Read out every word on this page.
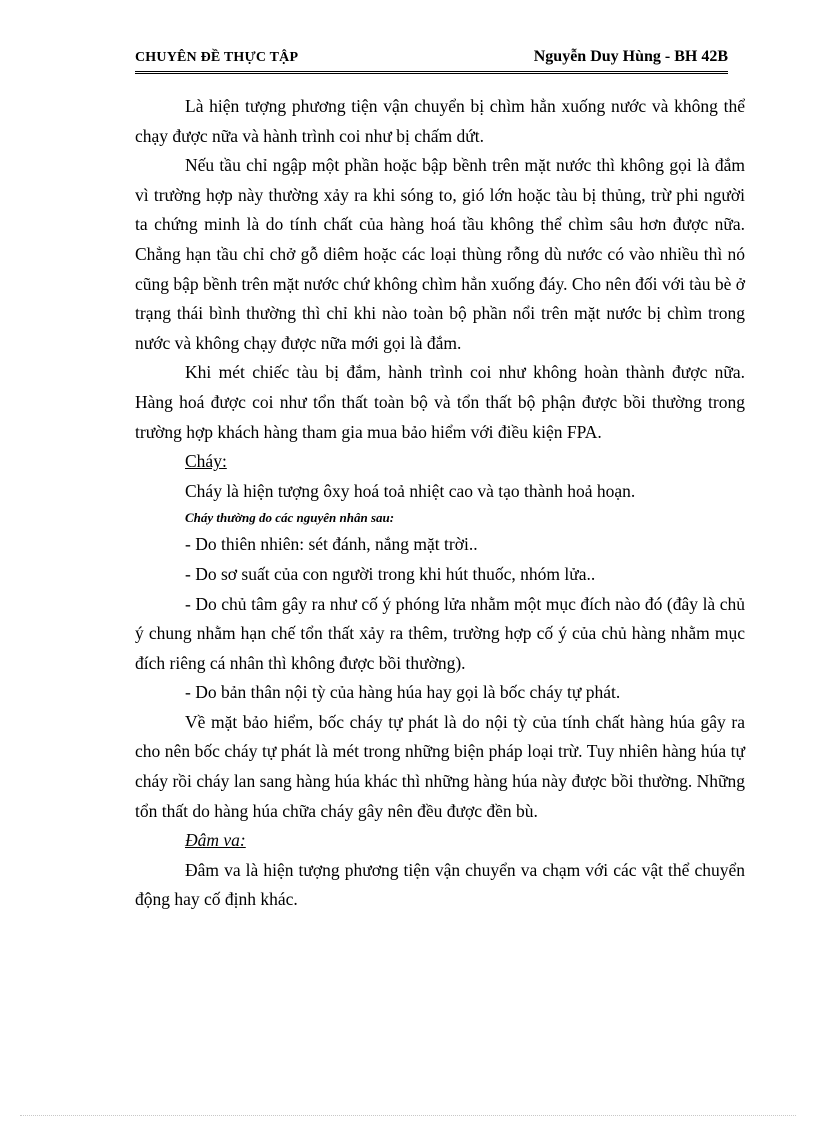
CHUYÊN ĐỀ THỰC TẬP	Nguyễn Duy Hùng - BH 42B

Là hiện tượng phương tiện vận chuyển bị chìm hẳn xuống nước và không thể chạy được nữa và hành trình coi như bị chấm dứt.

Nếu tầu chỉ ngập một phần hoặc bập bềnh trên mặt nước thì không gọi là đắm vì trường hợp này thường xảy ra khi sóng to, gió lớn hoặc tàu bị thủng, trừ phi người ta chứng minh là do tính chất của hàng hoá tầu không thể chìm sâu hơn được nữa. Chẳng hạn tầu chỉ chở gỗ diêm hoặc các loại thùng rỗng dù nước có vào nhiều thì nó cũng bập bềnh trên mặt nước chứ không chìm hẳn xuống đáy. Cho nên đối với tàu bè ở trạng thái bình thường thì chỉ khi nào toàn bộ phần nổi trên mặt nước bị chìm trong nước và không chạy được nữa mới gọi là đắm.

Khi mét chiếc tàu bị đắm, hành trình coi như không hoàn thành được nữa. Hàng hoá được coi như tổn thất toàn bộ và tổn thất bộ phận được bồi thường trong trường hợp khách hàng tham gia mua bảo hiểm với điều kiện FPA.

Cháy:

Cháy là hiện tượng ôxy hoá toả nhiệt cao và tạo thành hoả hoạn.

Cháy thường do các nguyên nhân sau:

- Do thiên nhiên: sét đánh, nắng mặt trời..

- Do sơ suất của con người trong khi hút thuốc, nhóm lửa..

- Do chủ tâm gây ra như cố ý phóng lửa nhằm một mục đích nào đó (đây là chủ ý chung nhằm hạn chế tổn thất xảy ra thêm, trường hợp cố ý của chủ hàng nhằm mục đích riêng cá nhân thì không được bồi thường).

- Do bản thân nội tỳ của hàng húa hay gọi là bốc cháy tự phát.

Về mặt bảo hiểm, bốc cháy tự phát là do nội tỳ của tính chất hàng húa gây ra cho nên bốc cháy tự phát là mét trong những biện pháp loại trừ. Tuy nhiên hàng húa tự cháy rồi cháy lan sang hàng húa khác thì những hàng húa này được bồi thường. Những tổn thất do hàng húa chữa cháy gây nên đều được đền bù.

Đâm va:

Đâm va là hiện tượng phương tiện vận chuyển va chạm với các vật thể chuyển động hay cố định khác.
